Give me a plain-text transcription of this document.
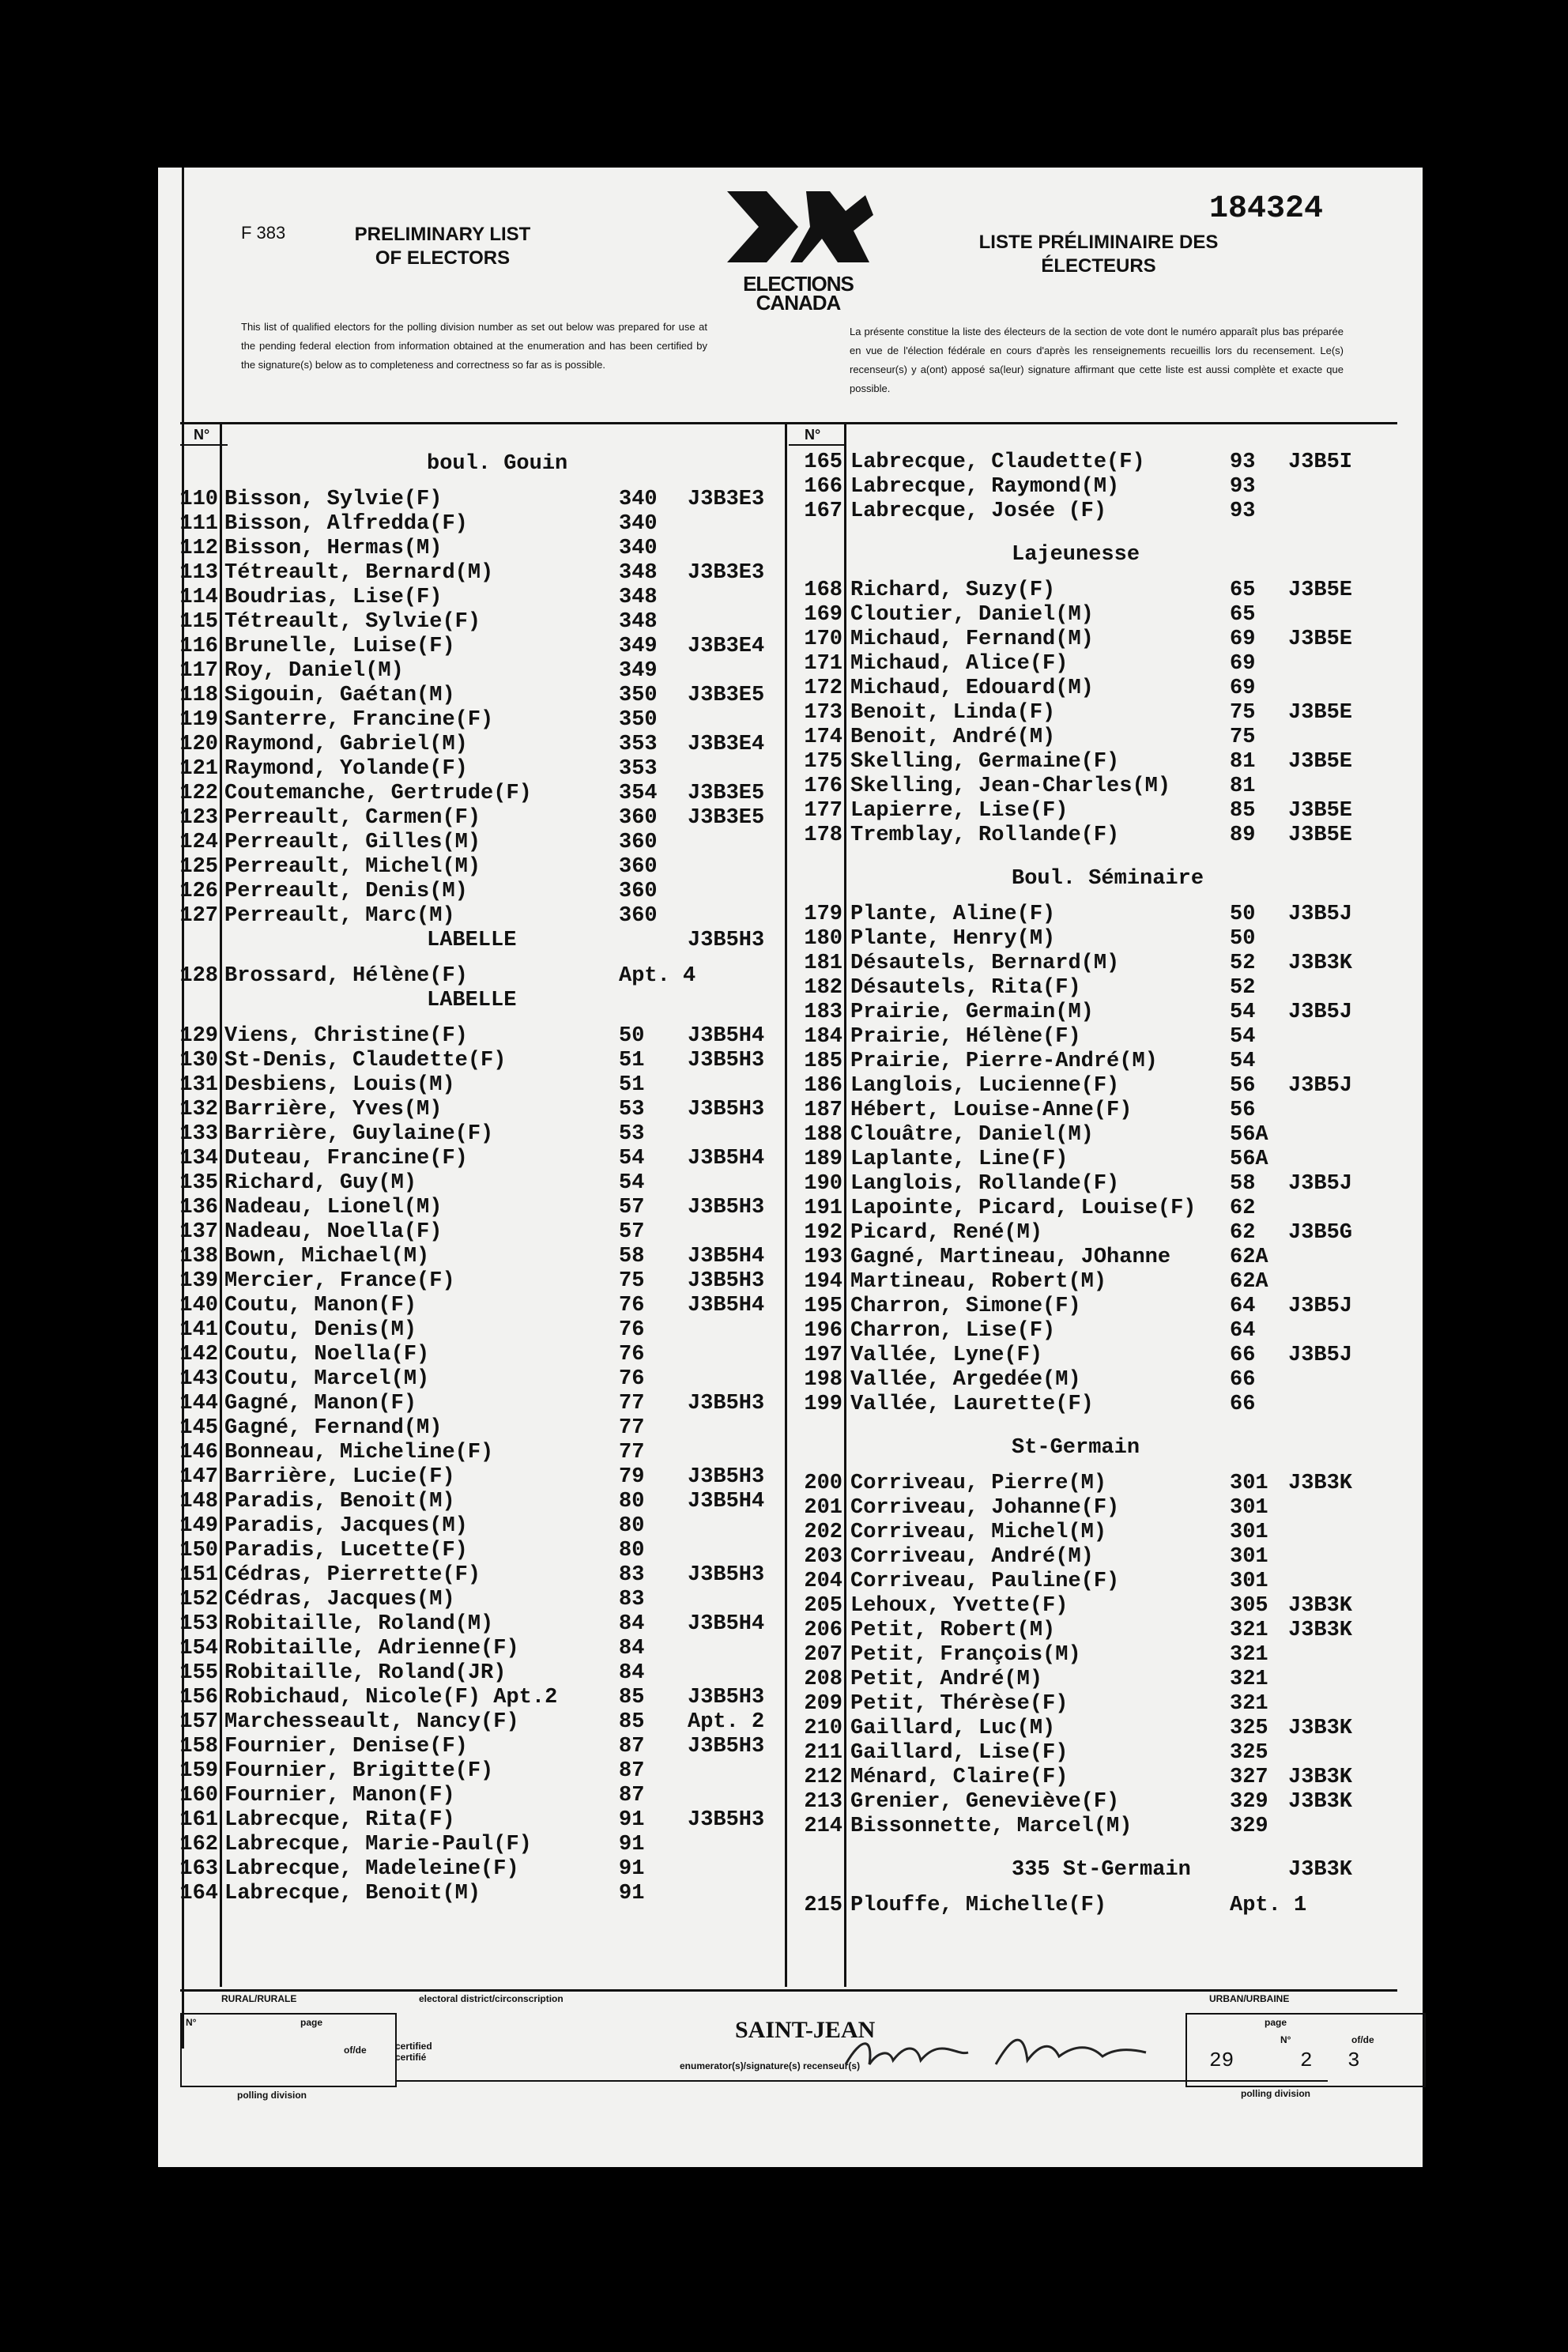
F 383	PRELIMINARY LIST OF ELECTORS
ELECTIONS CANADA
184324
LISTE PRÉLIMINAIRE DES ÉLECTEURS
This list of qualified electors for the polling division number as set out below was prepared for use at the pending federal election from information obtained at the enumeration and has been certified by the signature(s) below as to completeness and correctness so far as is possible.
La présente constitue la liste des électeurs de la section de vote dont le numéro apparaît plus bas préparée en vue de l'élection fédérale en cours d'après les renseignements recueillis lors du recensement. Le(s) recenseur(s) y a(ont) apposé sa(leur) signature affirmant que cette liste est aussi complète et exacte que possible.
N°	N°
RURAL/RURALE	electoral district/circonscription	URBAN/URBAINE
SAINT-JEAN
N°	page
of/de	certified certifié
enumerator(s)/signature(s) recenseur(s)
polling division
page
N°	of/de
29	2 3
polling division
boul. Gouin
110 Bisson, Sylvie(F)	340 J3B3E3
111 Bisson, Alfredda(F)	340
112 Bisson, Hermas(M)	340
113 Tétreault, Bernard(M)	348 J3B3E3
114 Boudrias, Lise(F)	348
115 Tétreault, Sylvie(F)	348
116 Brunelle, Luise(F)	349 J3B3E4
117 Roy, Daniel(M)	349
118 Sigouin, Gaétan(M)	350 J3B3E5
119 Santerre, Francine(F)	350
120 Raymond, Gabriel(M)	353 J3B3E4
121 Raymond, Yolande(F)	353
122 Coutemanche, Gertrude(F)	354 J3B3E5
123 Perreault, Carmen(F)	360 J3B3E5
124 Perreault, Gilles(M)	360
125 Perreault, Michel(M)	360
126 Perreault, Denis(M)	360
127 Perreault, Marc(M)	360
LABELLE	J3B5H3
128 Brossard, Hélène(F)	Apt. 4
LABELLE
129 Viens, Christine(F)	50 J3B5H4
130 St-Denis, Claudette(F)	51 J3B5H3
131 Desbiens, Louis(M)	51
132 Barrière, Yves(M)	53 J3B5H3
133 Barrière, Guylaine(F)	53
134 Duteau, Francine(F)	54 J3B5H4
135 Richard, Guy(M)	54
136 Nadeau, Lionel(M)	57 J3B5H3
137 Nadeau, Noella(F)	57
138 Bown, Michael(M)	58 J3B5H4
139 Mercier, France(F)	75 J3B5H3
140 Coutu, Manon(F)	76 J3B5H4
141 Coutu, Denis(M)	76
142 Coutu, Noella(F)	76
143 Coutu, Marcel(M)	76
144 Gagné, Manon(F)	77 J3B5H3
145 Gagné, Fernand(M)	77
146 Bonneau, Micheline(F)	77
147 Barrière, Lucie(F)	79 J3B5H3
148 Paradis, Benoit(M)	80 J3B5H4
149 Paradis, Jacques(M)	80
150 Paradis, Lucette(F)	80
151 Cédras, Pierrette(F)	83 J3B5H3
152 Cédras, Jacques(M)	83
153 Robitaille, Roland(M)	84 J3B5H4
154 Robitaille, Adrienne(F)	84
155 Robitaille, Roland(JR)	84
156 Robichaud, Nicole(F) Apt.2	85 J3B5H3
157 Marchesseault, Nancy(F)	85 Apt. 2
158 Fournier, Denise(F)	87 J3B5H3
159 Fournier, Brigitte(F)	87
160 Fournier, Manon(F)	87
161 Labrecque, Rita(F)	91 J3B5H3
162 Labrecque, Marie-Paul(F)	91
163 Labrecque, Madeleine(F)	91
164 Labrecque, Benoit(M)	91
165 Labrecque, Claudette(F)	93 J3B5I
166 Labrecque, Raymond(M)	93
167 Labrecque, Josée (F)	93
Lajeunesse
168 Richard, Suzy(F)	65 J3B5E
169 Cloutier, Daniel(M)	65
170 Michaud, Fernand(M)	69 J3B5E
171 Michaud, Alice(F)	69
172 Michaud, Edouard(M)	69
173 Benoit, Linda(F)	75 J3B5E
174 Benoit, André(M)	75
175 Skelling, Germaine(F)	81 J3B5E
176 Skelling, Jean-Charles(M)	81
177 Lapierre, Lise(F)	85 J3B5E
178 Tremblay, Rollande(F)	89 J3B5E
Boul. Séminaire
179 Plante, Aline(F)	50 J3B5J
180 Plante, Henry(M)	50
181 Désautels, Bernard(M)	52 J3B3K
182 Désautels, Rita(F)	52
183 Prairie, Germain(M)	54 J3B5J
184 Prairie, Hélène(F)	54
185 Prairie, Pierre-André(M)	54
186 Langlois, Lucienne(F)	56 J3B5J
187 Hébert, Louise-Anne(F)	56
188 Clouâtre, Daniel(M)	56A
189 Laplante, Line(F)	56A
190 Langlois, Rollande(F)	58 J3B5J
191 Lapointe, Picard, Louise(F) 62
192 Picard, René(M)	62 J3B5G
193 Gagné, Martineau, JOhanne	62A
194 Martineau, Robert(M)	62A
195 Charron, Simone(F)	64 J3B5J
196 Charron, Lise(F)	64
197 Vallée, Lyne(F)	66 J3B5J
198 Vallée, Argedée(M)	66
199 Vallée, Laurette(F)	66
St-Germain
200 Corriveau, Pierre(M)	301 J3B3K
201 Corriveau, Johanne(F)	301
202 Corriveau, Michel(M)	301
203 Corriveau, André(M)	301
204 Corriveau, Pauline(F)	301
205 Lehoux, Yvette(F)	305 J3B3K
206 Petit, Robert(M)	321 J3B3K
207 Petit, François(M)	321
208 Petit, André(M)	321
209 Petit, Thérèse(F)	321
210 Gaillard, Luc(M)	325 J3B3K
211 Gaillard, Lise(F)	325
212 Ménard, Claire(F)	327 J3B3K
213 Grenier, Geneviève(F)	329 J3B3K
214 Bissonnette, Marcel(M)	329
335 St-Germain	J3B3K
215 Plouffe, Michelle(F)	Apt. 1
